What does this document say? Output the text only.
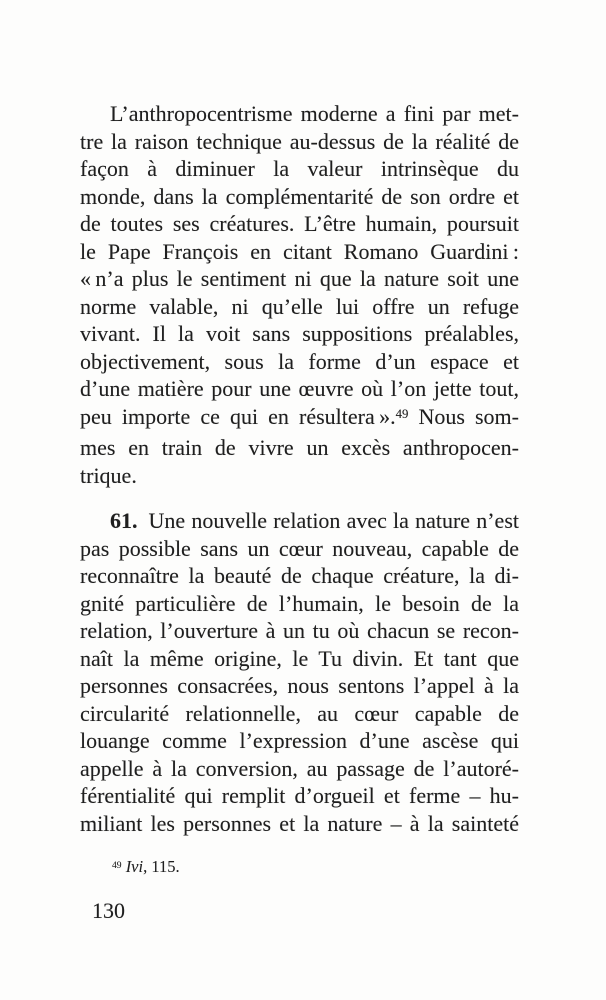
L’anthropocentrisme moderne a fini par met-
tre la raison technique au-dessus de la réalité de
façon à diminuer la valeur intrinsèque du
monde, dans la complémentarité de son ordre et
de toutes ses créatures. L’être humain, poursuit
le Pape François en citant Romano Guardini :
« n’a plus le sentiment ni que la nature soit une
norme valable, ni qu’elle lui offre un refuge
vivant. Il la voit sans suppositions préalables,
objectivement, sous la forme d’un espace et
d’une matière pour une œuvre où l’on jette tout,
peu importe ce qui en résultera ».$^{49}$ Nous som-
mes en train de vivre un excès anthropocen-
trique.
61. Une nouvelle relation avec la nature n’est
pas possible sans un cœur nouveau, capable de
reconnaître la beauté de chaque créature, la di-
gnité particulière de l’humain, le besoin de la
relation, l’ouverture à un tu où chacun se recon-
naît la même origine, le Tu divin. Et tant que
personnes consacrées, nous sentons l’appel à la
circularité relationnelle, au cœur capable de
louange comme l’expression d’une ascèse qui
appelle à la conversion, au passage de l’autoré-
férentialité qui remplit d’orgueil et ferme – hu-
miliant les personnes et la nature – à la sainteté
$^{49}$ Ivi, 115.
130
